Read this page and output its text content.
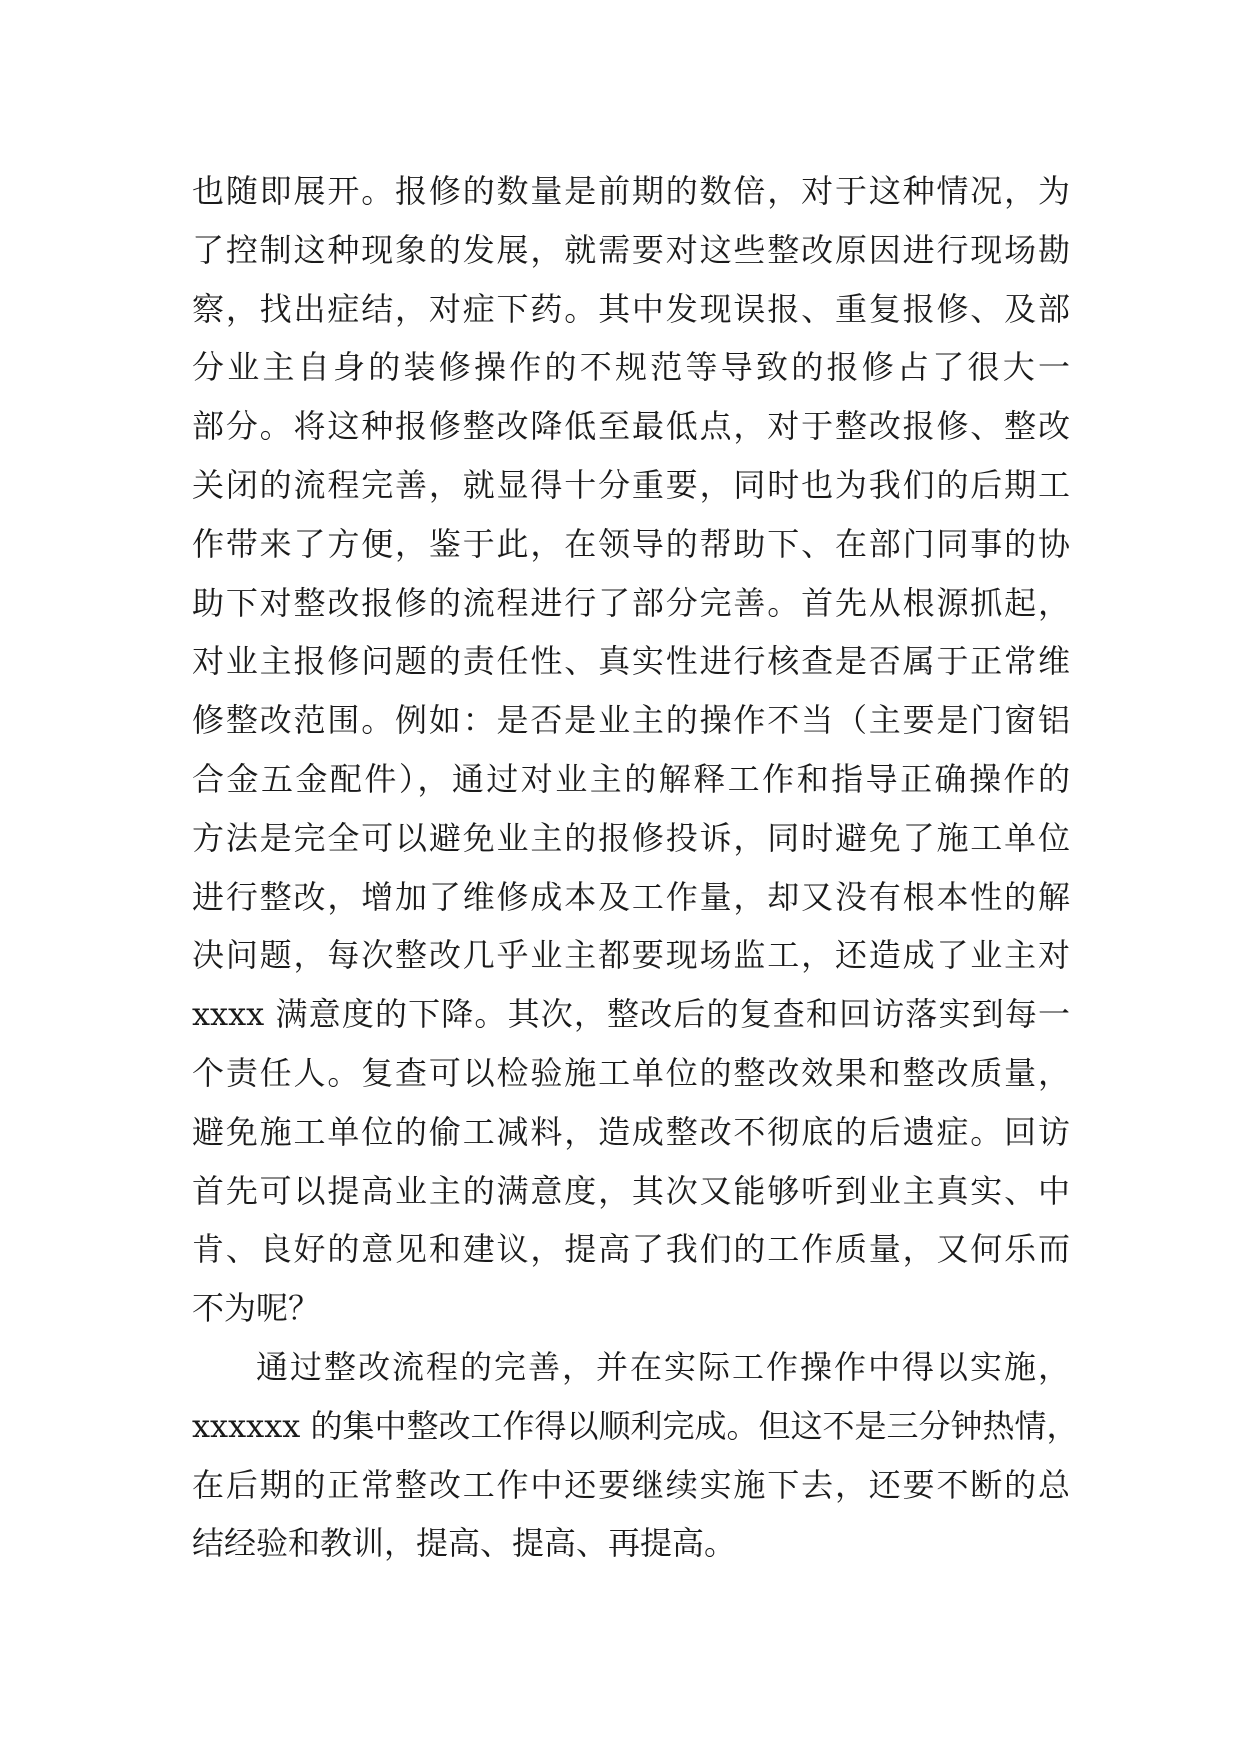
也随即展开。报修的数量是前期的数倍，对于这种情况，为
了控制这种现象的发展，就需要对这些整改原因进行现场勘
察，找出症结，对症下药。其中发现误报、重复报修、及部
分业主自身的装修操作的不规范等导致的报修占了很大一
部分。将这种报修整改降低至最低点，对于整改报修、整改
关闭的流程完善，就显得十分重要，同时也为我们的后期工
作带来了方便，鉴于此，在领导的帮助下、在部门同事的协
助下对整改报修的流程进行了部分完善。首先从根源抓起，
对业主报修问题的责任性、真实性进行核查是否属于正常维
修整改范围。例如：是否是业主的操作不当（主要是门窗铝
合金五金配件），通过对业主的解释工作和指导正确操作的
方法是完全可以避免业主的报修投诉，同时避免了施工单位
进行整改，增加了维修成本及工作量，却又没有根本性的解
决问题，每次整改几乎业主都要现场监工，还造成了业主对
xxxx 满意度的下降。其次，整改后的复查和回访落实到每一
个责任人。复查可以检验施工单位的整改效果和整改质量，
避免施工单位的偷工减料，造成整改不彻底的后遗症。回访
首先可以提高业主的满意度，其次又能够听到业主真实、中
肯、良好的意见和建议，提高了我们的工作质量，又何乐而
不为呢？
通过整改流程的完善，并在实际工作操作中得以实施，
xxxxxx 的集中整改工作得以顺利完成。但这不是三分钟热情，
在后期的正常整改工作中还要继续实施下去，还要不断的总
结经验和教训，提高、提高、再提高。
